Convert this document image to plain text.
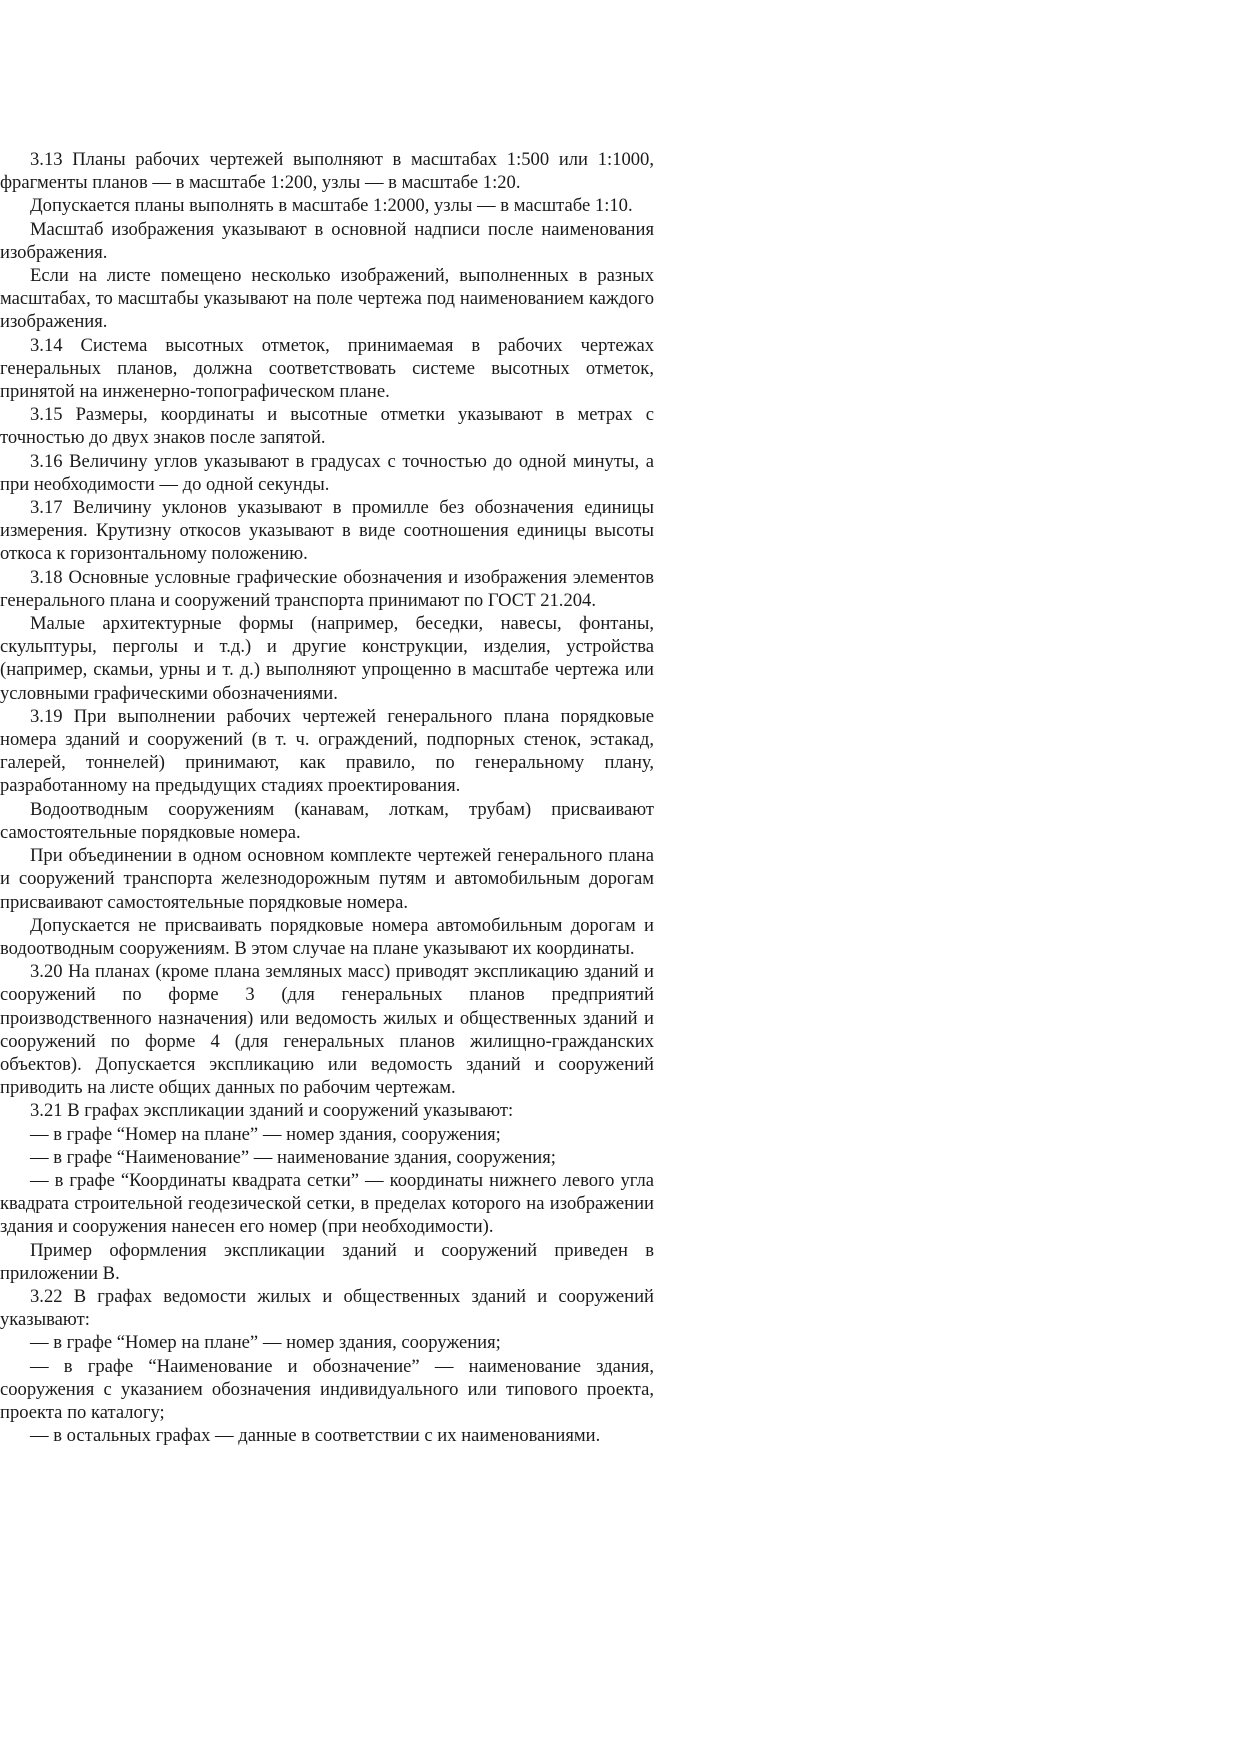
3.13 Планы рабочих чертежей выполняют в масштабах 1:500 или 1:1000, фрагменты планов — в масштабе 1:200, узлы — в масштабе 1:20.

Допускается планы выполнять в масштабе 1:2000, узлы — в масштабе 1:10.

Масштаб изображения указывают в основной надписи после наименования изображения.

Если на листе помещено несколько изображений, выполненных в разных масштабах, то масштабы указывают на поле чертежа под наименованием каждого изображения.

3.14 Система высотных отметок, принимаемая в рабочих чертежах генеральных планов, должна соответствовать системе высотных отметок, принятой на инженерно-топографическом плане.

3.15 Размеры, координаты и высотные отметки указывают в метрах с точностью до двух знаков после запятой.

3.16 Величину углов указывают в градусах с точностью до одной минуты, а при необходимости — до одной секунды.

3.17 Величину уклонов указывают в промилле без обозначения единицы измерения. Крутизну откосов указывают в виде соотношения единицы высоты откоса к горизонтальному положению.

3.18 Основные условные графические обозначения и изображения элементов генерального плана и сооружений транспорта принимают по ГОСТ 21.204.

Малые архитектурные формы (например, беседки, навесы, фонтаны, скульптуры, перголы и т.д.) и другие конструкции, изделия, устройства (например, скамьи, урны и т. д.) выполняют упрощенно в масштабе чертежа или условными графическими обозначениями.

3.19 При выполнении рабочих чертежей генерального плана порядковые номера зданий и сооружений (в т. ч. ограждений, подпорных стенок, эстакад, галерей, тоннелей) принимают, как правило, по генеральному плану, разработанному на предыдущих стадиях проектирования.

Водоотводным сооружениям (канавам, лоткам, трубам) присваивают самостоятельные порядковые номера.

При объединении в одном основном комплекте чертежей генерального плана и сооружений транспорта железнодорожным путям и автомобильным дорогам присваивают самостоятельные порядковые номера.

Допускается не присваивать порядковые номера автомобильным дорогам и водоотводным сооружениям. В этом случае на плане указывают их координаты.

3.20 На планах (кроме плана земляных масс) приводят экспликацию зданий и сооружений по форме 3 (для генеральных планов предприятий производственного назначения) или ведомость жилых и общественных зданий и сооружений по форме 4 (для генеральных планов жилищно-гражданских объектов). Допускается экспликацию или ведомость зданий и сооружений приводить на листе общих данных по рабочим чертежам.

3.21 В графах экспликации зданий и сооружений указывают:

— в графе “Номер на плане” — номер здания, сооружения;

— в графе “Наименование” — наименование здания, сооружения;

— в графе “Координаты квадрата сетки” — координаты нижнего левого угла квадрата строительной геодезической сетки, в пределах которого на изображении здания и сооружения нанесен его номер (при необходимости).

Пример оформления экспликации зданий и сооружений приведен в приложении В.

3.22 В графах ведомости жилых и общественных зданий и сооружений указывают:

— в графе “Номер на плане” — номер здания, сооружения;

— в графе “Наименование и обозначение” — наименование здания, сооружения с указанием обозначения индивидуального или типового проекта, проекта по каталогу;

— в остальных графах — данные в соответствии с их наименованиями.
